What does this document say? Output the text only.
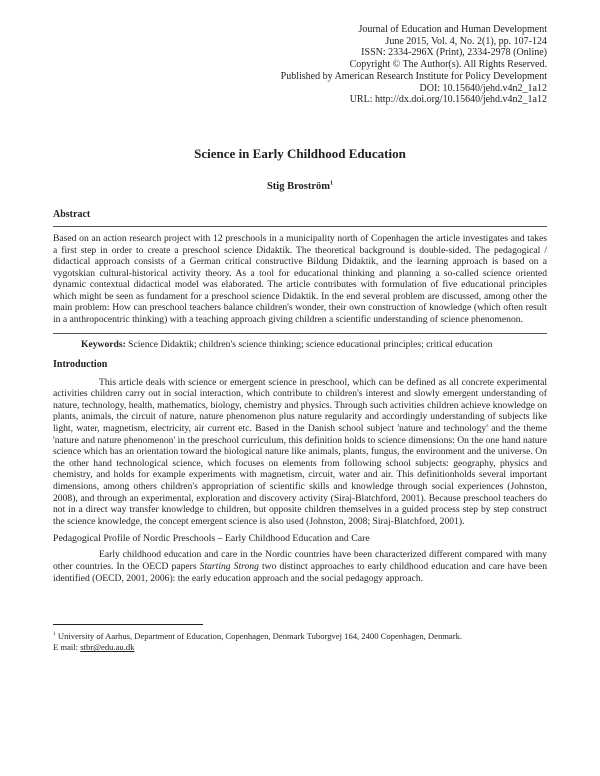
Journal of Education and Human Development
June 2015, Vol. 4, No. 2(1), pp. 107-124
ISSN: 2334-296X (Print), 2334-2978 (Online)
Copyright © The Author(s). All Rights Reserved.
Published by American Research Institute for Policy Development
DOI: 10.15640/jehd.v4n2_1a12
URL: http://dx.doi.org/10.15640/jehd.v4n2_1a12
Science in Early Childhood Education
Stig Broström$^1$
Abstract
Based on an action research project with 12 preschools in a municipality north of Copenhagen the article investigates and takes a first step in order to create a preschool science Didaktik. The theoretical background is double-sided. The pedagogical / didactical approach consists of a German critical constructive Bildung Didaktik, and the learning approach is based on a vygotskian cultural-historical activity theory. As a tool for educational thinking and planning a so-called science oriented dynamic contextual didactical model was elaborated. The article contributes with formulation of five educational principles which might be seen as fundament for a preschool science Didaktik. In the end several problem are discussed, among other the main problem: How can preschool teachers balance children's wonder, their own construction of knowledge (which often result in a anthropocentric thinking) with a teaching approach giving children a scientific understanding of science phenomenon.
Keywords: Science Didaktik; children's science thinking; science educational principles; critical education
Introduction
This article deals with science or emergent science in preschool, which can be defined as all concrete experimental activities children carry out in social interaction, which contribute to children's interest and slowly emergent understanding of nature, technology, health, mathematics, biology, chemistry and physics. Through such activities children achieve knowledge on plants, animals, the circuit of nature, nature phenomenon plus nature regularity and accordingly understanding of subjects like light, water, magnetism, electricity, air current etc. Based in the Danish school subject 'nature and technology' and the theme 'nature and nature phenomenon' in the preschool curriculum, this definition holds to science dimensions: On the one hand nature science which has an orientation toward the biological nature like animals, plants, fungus, the environment and the universe. On the other hand technological science, which focuses on elements from following school subjects: geography, physics and chemistry, and holds for example experiments with magnetism, circuit, water and air. This definitionholds several important dimensions, among others children's appropriation of scientific skills and knowledge through social experiences (Johnston, 2008), and through an experimental, exploration and discovery activity (Siraj-Blatchford, 2001). Because preschool teachers do not in a direct way transfer knowledge to children, but opposite children themselves in a guided process step by step construct the science knowledge, the concept emergent science is also used (Johnston, 2008; Siraj-Blatchford, 2001).
Pedagogical Profile of Nordic Preschools – Early Childhood Education and Care
Early childhood education and care in the Nordic countries have been characterized different compared with many other countries. In the OECD papers Starting Strong two distinct approaches to early childhood education and care have been identified (OECD, 2001, 2006): the early education approach and the social pedagogy approach.
$^1$ University of Aarhus, Department of Education, Copenhagen, Denmark Tuborgvej 164, 2400 Copenhagen, Denmark.
E mail: stbr@edu.au.dk
